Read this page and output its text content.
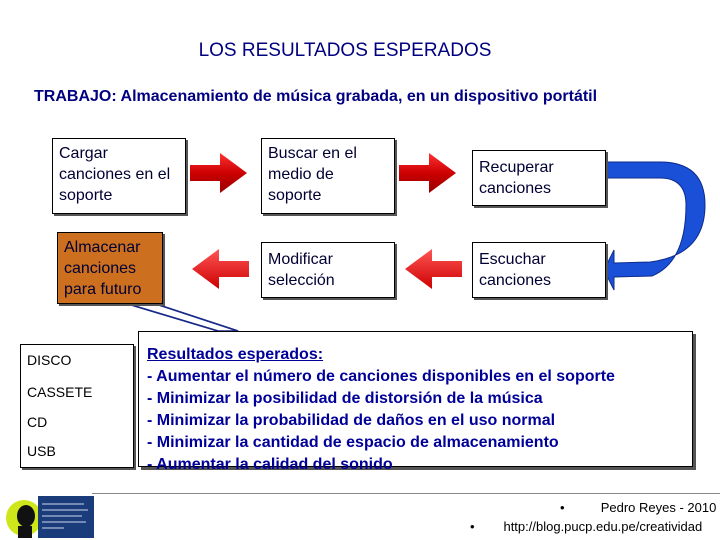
LOS RESULTADOS ESPERADOS
TRABAJO: Almacenamiento de música grabada, en un dispositivo portátil
Cargar canciones en el soporte
Buscar en el medio de soporte
Recuperar canciones
Almacenar canciones para futuro
Modificar selección
Escuchar canciones
DISCO
CASSETE
CD
USB
Resultados esperados:
- Aumentar el número de canciones disponibles en el soporte
- Minimizar la posibilidad de distorsión de la música
- Minimizar la probabilidad de daños en el uso normal
- Minimizar la cantidad de espacio de almacenamiento
- Aumentar la calidad del sonido
•	Pedro Reyes - 2010
• http://blog.pucp.edu.pe/creatividad
